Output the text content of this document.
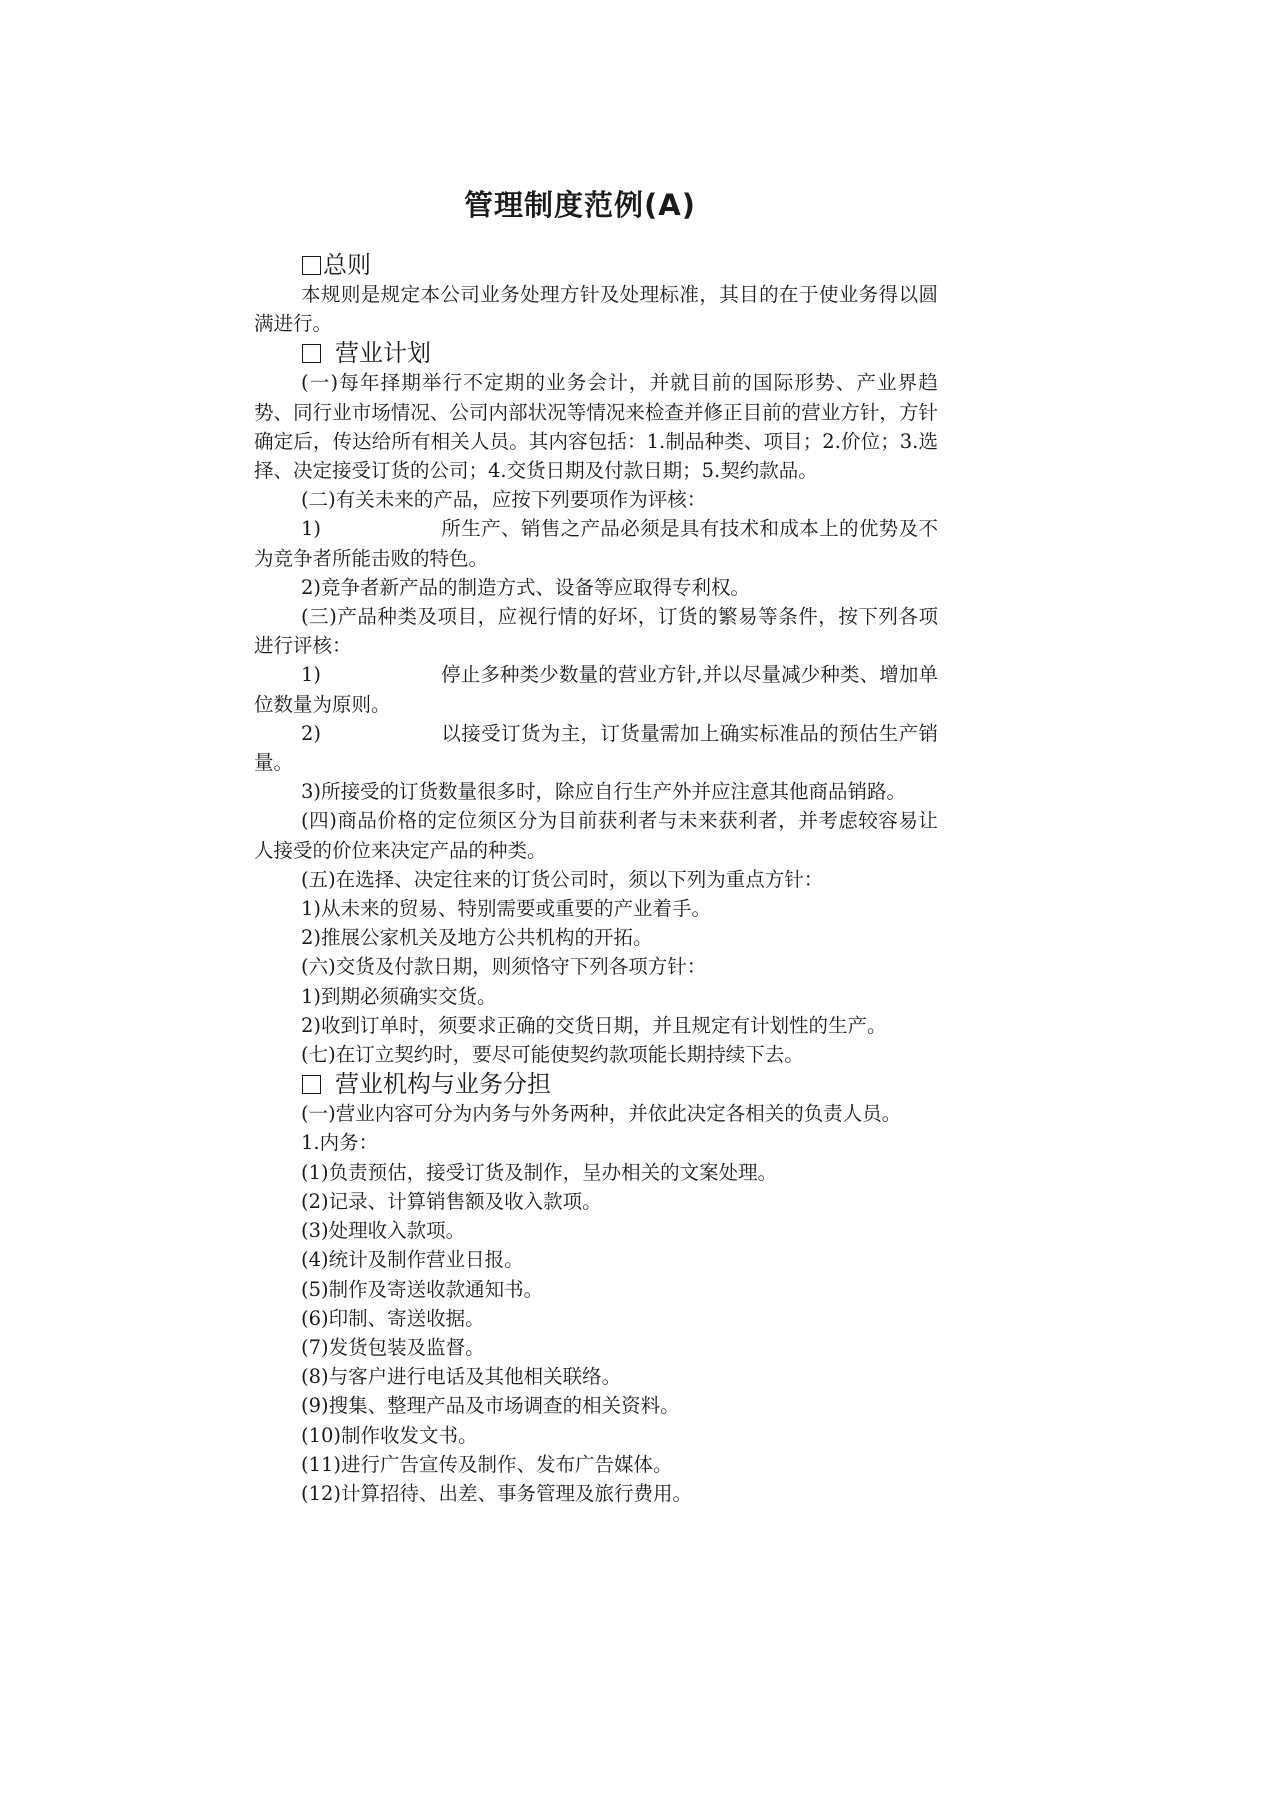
管理制度范例(A)
总则

本规则是规定本公司业务处理方针及处理标准，其目的在于使业务得以圆满进行。

营业计划

(一)每年择期举行不定期的业务会计，并就目前的国际形势、产业界趋势、同行业市场情况、公司内部状况等情况来检查并修正目前的营业方针，方针确定后，传达给所有相关人员。其内容包括：1.制品种类、项目；2.价位；3.选择、决定接受订货的公司；4.交货日期及付款日期；5.契约款品。

(二)有关未来的产品，应按下列要项作为评核：

1)	所生产、销售之产品必须是具有技术和成本上的优势及不为竞争者所能击败的特色。

2)竞争者新产品的制造方式、设备等应取得专利权。

(三)产品种类及项目，应视行情的好坏，订货的繁易等条件，按下列各项进行评核：

1)	停止多种类少数量的营业方针,并以尽量减少种类、增加单位数量为原则。

2)	以接受订货为主，订货量需加上确实标准品的预估生产销量。

3)所接受的订货数量很多时，除应自行生产外并应注意其他商品销路。

(四)商品价格的定位须区分为目前获利者与未来获利者，并考虑较容易让人接受的价位来决定产品的种类。

(五)在选择、决定往来的订货公司时，须以下列为重点方针：

1)从未来的贸易、特别需要或重要的产业着手。

2)推展公家机关及地方公共机构的开拓。

(六)交货及付款日期，则须恪守下列各项方针：

1)到期必须确实交货。

2)收到订单时，须要求正确的交货日期，并且规定有计划性的生产。

(七)在订立契约时，要尽可能使契约款项能长期持续下去。

营业机构与业务分担

(一)营业内容可分为内务与外务两种，并依此决定各相关的负责人员。

1.内务：

(1)负责预估，接受订货及制作，呈办相关的文案处理。

(2)记录、计算销售额及收入款项。

(3)处理收入款项。

(4)统计及制作营业日报。

(5)制作及寄送收款通知书。

(6)印制、寄送收据。

(7)发货包装及监督。

(8)与客户进行电话及其他相关联络。

(9)搜集、整理产品及市场调查的相关资料。

(10)制作收发文书。

(11)进行广告宣传及制作、发布广告媒体。

(12)计算招待、出差、事务管理及旅行费用。
